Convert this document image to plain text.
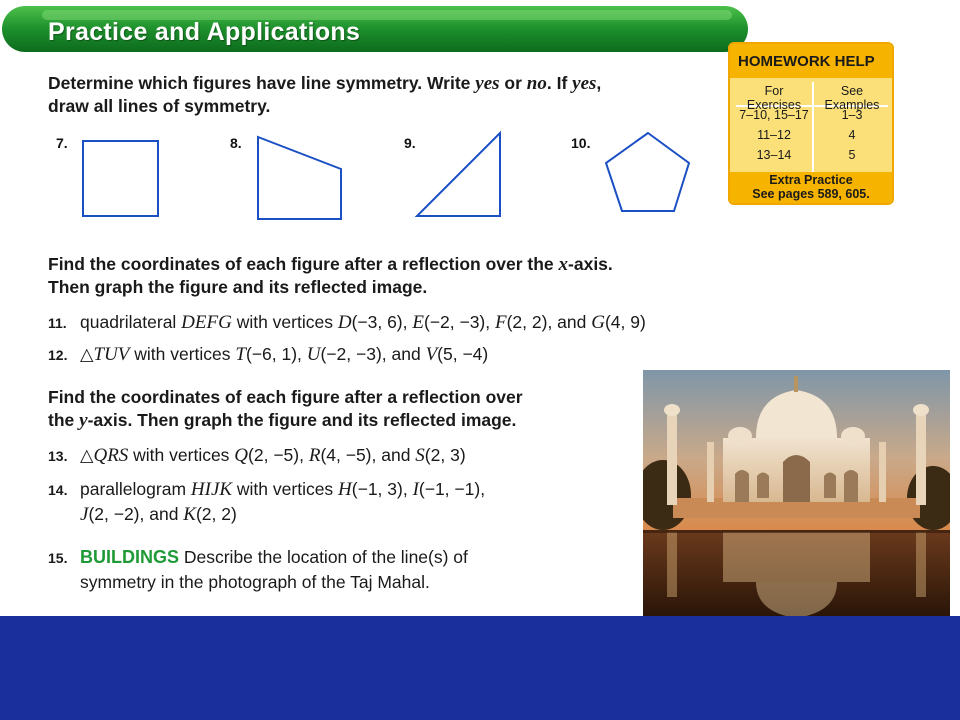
Practice and Applications
Determine which figures have line symmetry. Write yes or no. If yes,
draw all lines of symmetry.
7.	8.	9.	10.
HOMEWORK HELP
For Exercises
See Examples
7–10, 15–17	1–3
11–12	4
13–14	5
Extra Practice
See pages 589, 605.
Find the coordinates of each figure after a reflection over the x-axis.
Then graph the figure and its reflected image.
11. quadrilateral DEFG with vertices D(−3, 6), E(−2, −3), F(2, 2), and G(4, 9)
12. △TUV with vertices T(−6, 1), U(−2, −3), and V(5, −4)
Find the coordinates of each figure after a reflection over
the y-axis. Then graph the figure and its reflected image.
13. △QRS with vertices Q(2, −5), R(4, −5), and S(2, 3)
14. parallelogram HIJK with vertices H(−1, 3), I(−1, −1),
J(2, −2), and K(2, 2)
15. BUILDINGS Describe the location of the line(s) of
symmetry in the photograph of the Taj Mahal.
